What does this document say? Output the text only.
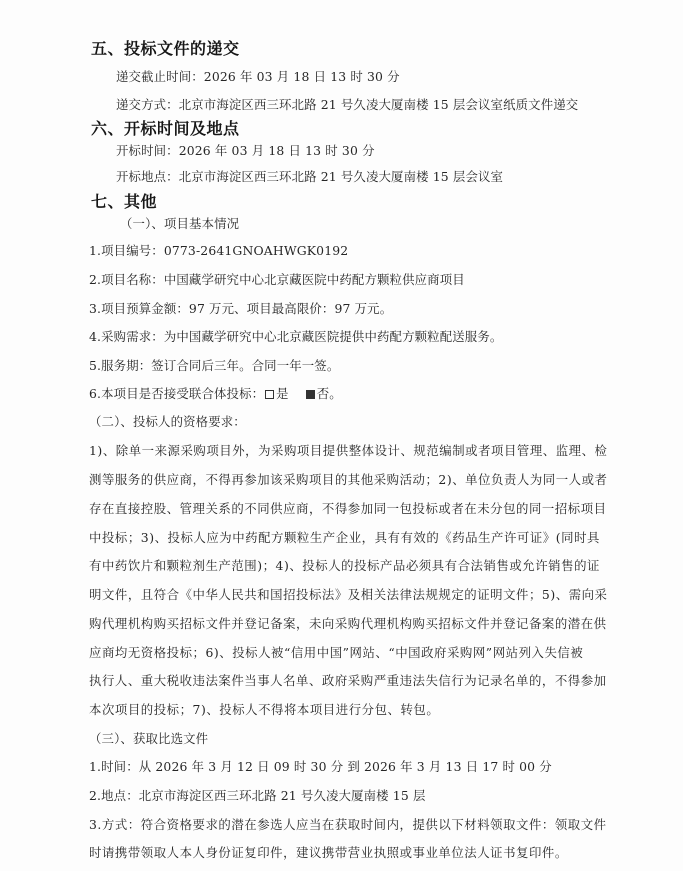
五、投标文件的递交
递交截止时间：2026 年 03 月 18 日 13 时 30 分
递交方式：北京市海淀区西三环北路 21 号久凌大厦南楼 15 层会议室纸质文件递交
六、开标时间及地点
开标时间：2026 年 03 月 18 日 13 时 30 分
开标地点：北京市海淀区西三环北路 21 号久凌大厦南楼 15 层会议室
七、其他
（一）、项目基本情况
1.项目编号：0773-2641GNOAHWGK0192
2.项目名称：中国藏学研究中心北京藏医院中药配方颗粒供应商项目
3.项目预算金额：97 万元、项目最高限价：97 万元。
4.采购需求：为中国藏学研究中心北京藏医院提供中药配方颗粒配送服务。
5.服务期：签订合同后三年。合同一年一签。
6.本项目是否接受联合体投标： 是 否。
（二）、投标人的资格要求：
1)、除单一来源采购项目外，为采购项目提供整体设计、规范编制或者项目管理、监理、检
测等服务的供应商，不得再参加该采购项目的其他采购活动；2)、单位负责人为同一人或者
存在直接控股、管理关系的不同供应商，不得参加同一包投标或者在未分包的同一招标项目
中投标；3)、投标人应为中药配方颗粒生产企业，具有有效的《药品生产许可证》(同时具
有中药饮片和颗粒剂生产范围)；4)、投标人的投标产品必须具有合法销售或允许销售的证
明文件，且符合《中华人民共和国招投标法》及相关法律法规规定的证明文件；5)、需向采
购代理机构购买招标文件并登记备案，未向采购代理机构购买招标文件并登记备案的潜在供
应商均无资格投标；6)、投标人被“信用中国”网站、“中国政府采购网”网站列入失信被
执行人、重大税收违法案件当事人名单、政府采购严重违法失信行为记录名单的，不得参加
本次项目的投标；7)、投标人不得将本项目进行分包、转包。
（三）、获取比选文件
1.时间：从 2026 年 3 月 12 日 09 时 30 分 到 2026 年 3 月 13 日 17 时 00 分
2.地点：北京市海淀区西三环北路 21 号久凌大厦南楼 15 层
3.方式：符合资格要求的潜在参选人应当在获取时间内，提供以下材料领取文件：领取文件
时请携带领取人本人身份证复印件，建议携带营业执照或事业单位法人证书复印件。
